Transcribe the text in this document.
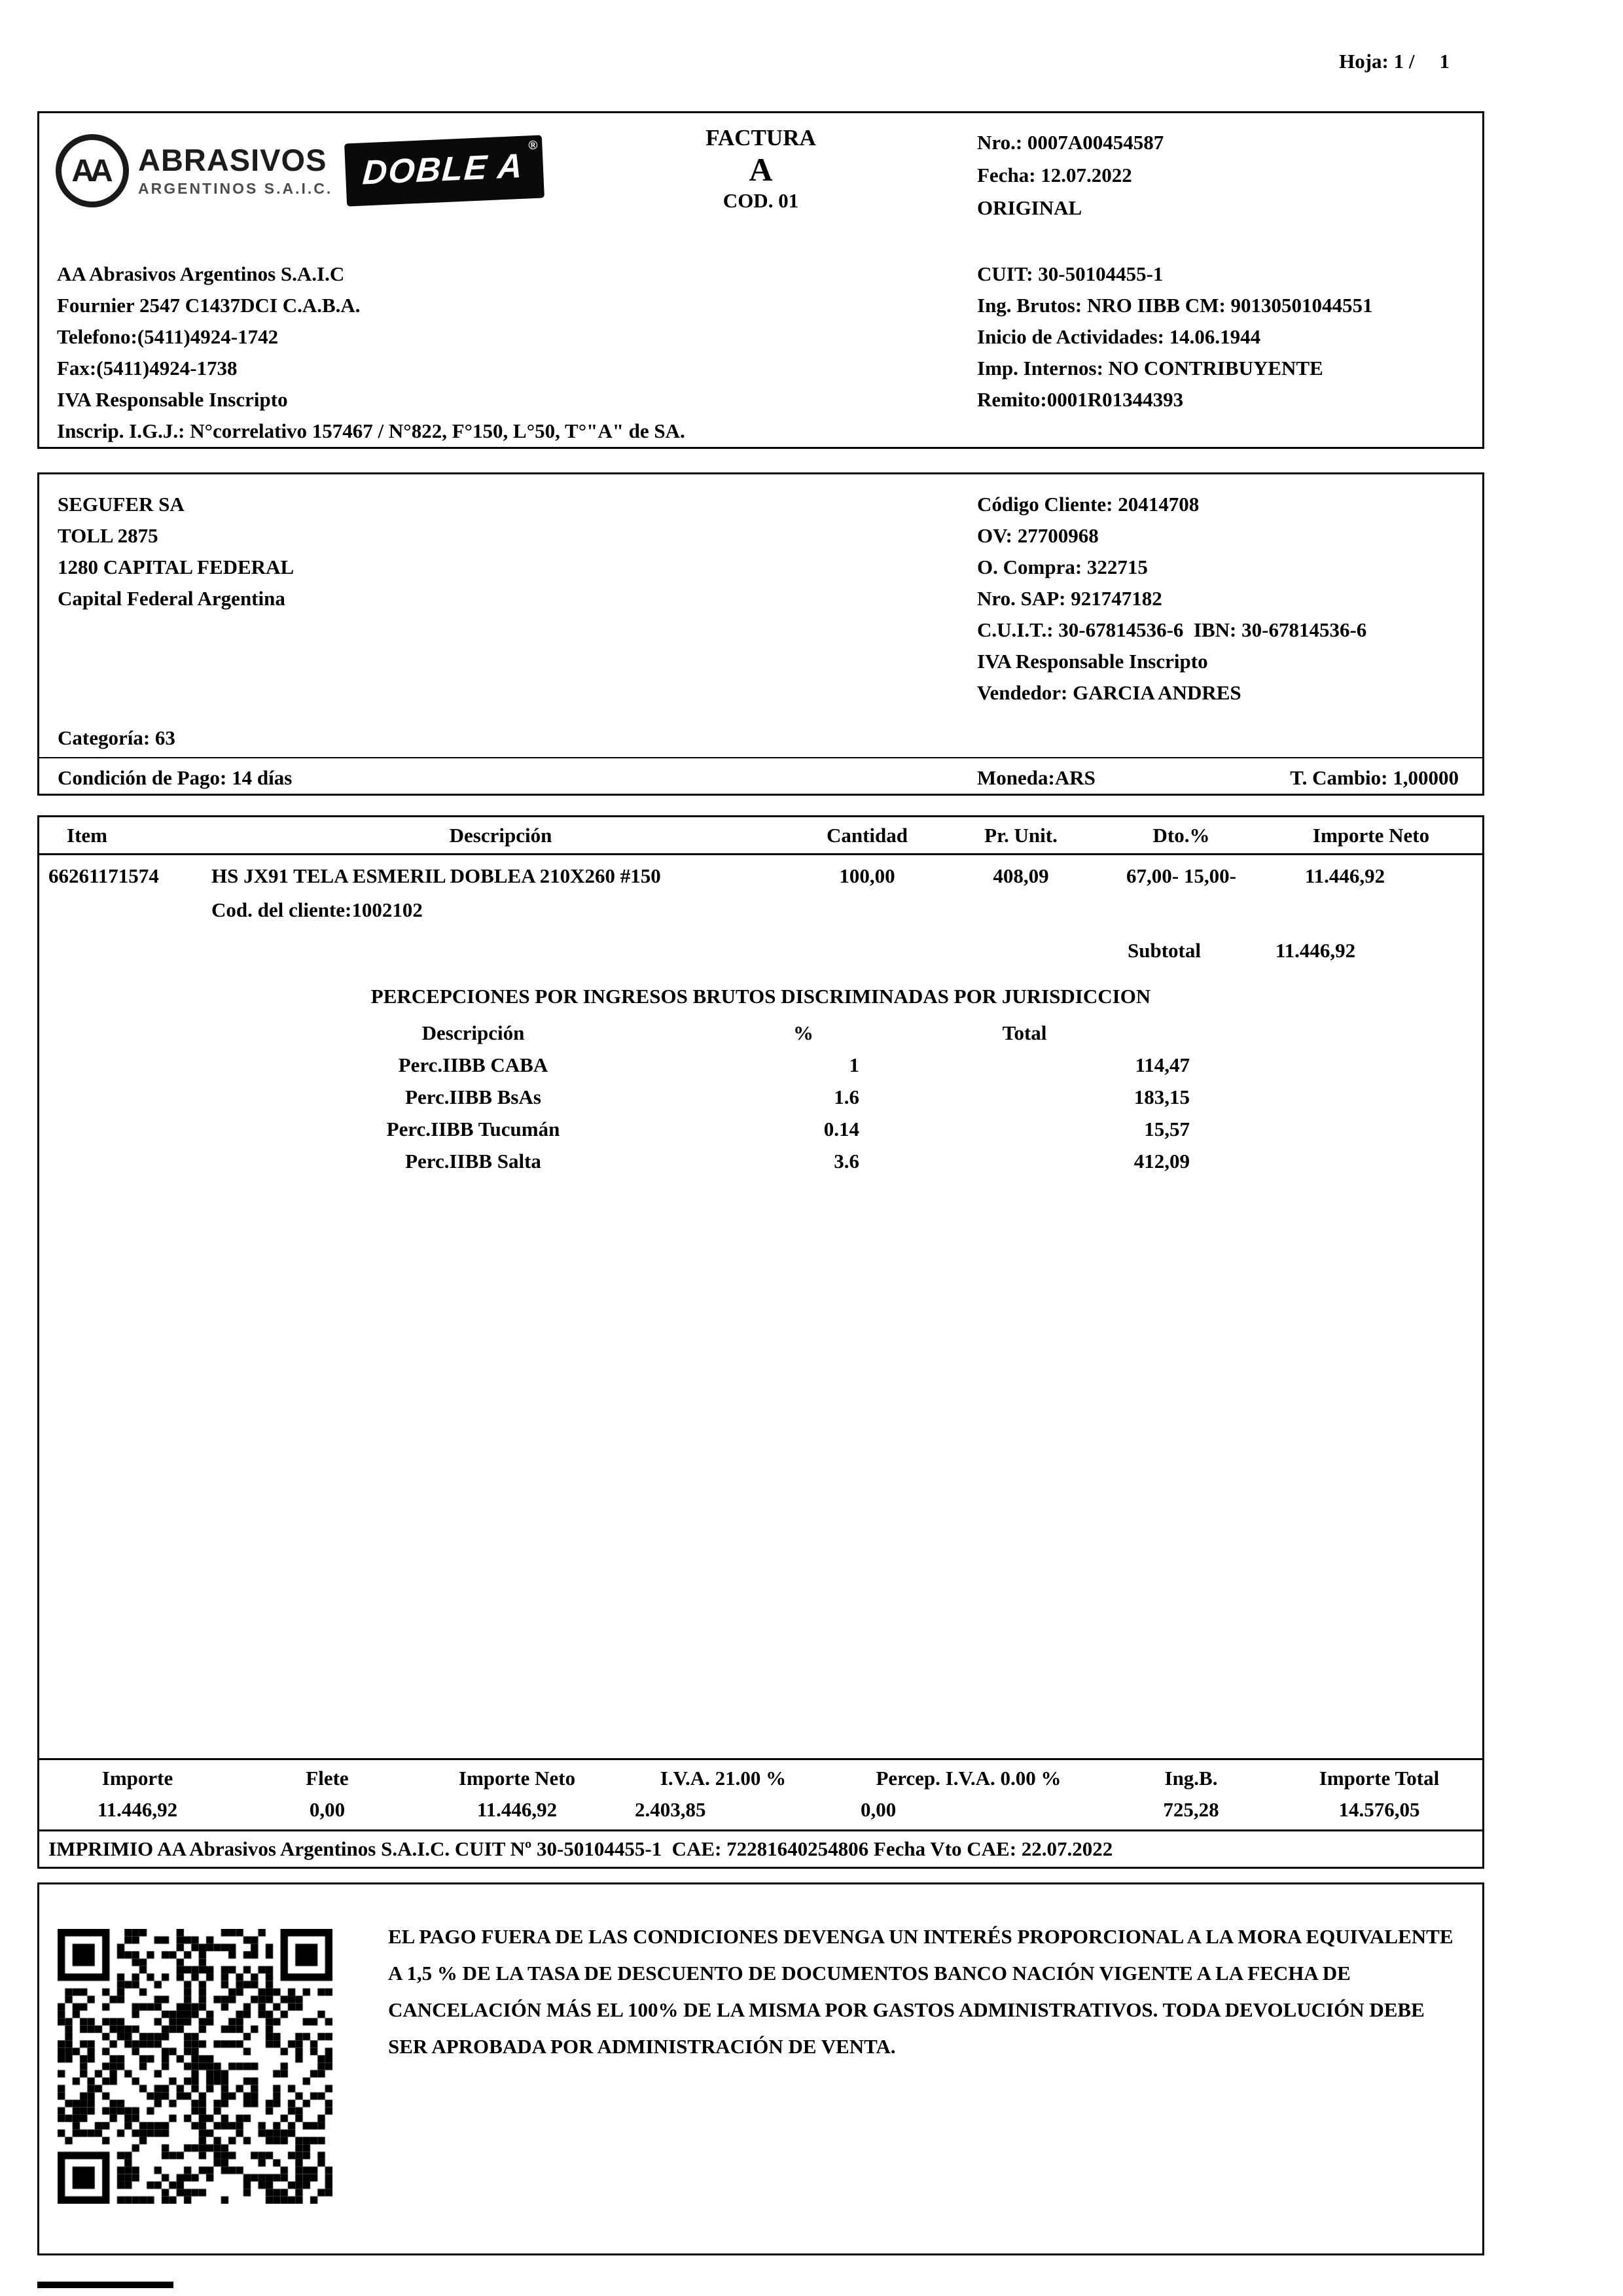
Hoja: 1 / 1
AA ABRASIVOS
ARGENTINOS S.A.I.C. DOBLE A
®	FACTURA
A
COD. 01
Nro.: 0007A00454587
Fecha: 12.07.2022
ORIGINAL
AA Abrasivos Argentinos S.A.I.C
Fournier 2547 C1437DCI C.A.B.A.
Telefono:(5411)4924-1742
Fax:(5411)4924-1738
IVA Responsable Inscripto
Inscrip. I.G.J.: N°correlativo 157467 / N°822, F°150, L°50, T°"A" de SA.
CUIT: 30-50104455-1
Ing. Brutos: NRO IIBB CM: 90130501044551
Inicio de Actividades: 14.06.1944
Imp. Internos: NO CONTRIBUYENTE
Remito:0001R01344393
SEGUFER SA
TOLL 2875
1280 CAPITAL FEDERAL
Capital Federal Argentina
Código Cliente: 20414708
OV: 27700968
O. Compra: 322715
Nro. SAP: 921747182
C.U.I.T.: 30-67814536-6  IBN: 30-67814536-6
IVA Responsable Inscripto
Vendedor: GARCIA ANDRES
Categoría: 63
Condición de Pago: 14 días	Moneda:ARS	T. Cambio: 1,00000
Item	Descripción	Cantidad	Pr. Unit.	Dto.%	Importe Neto
66261171574	HS JX91 TELA ESMERIL DOBLEA 210X260 #150	100,00	408,09	67,00- 15,00-	11.446,92
Cod. del cliente:1002102
Subtotal	11.446,92
PERCEPCIONES POR INGRESOS BRUTOS DISCRIMINADAS POR JURISDICCION
Descripción	%	Total
Perc.IIBB CABA	1	114,47
Perc.IIBB BsAs	1.6	183,15
Perc.IIBB Tucumán	0.14	15,57
Perc.IIBB Salta	3.6	412,09
Importe	Flete	Importe Neto	I.V.A. 21.00 %	Percep. I.V.A. 0.00 %	Ing.B.	Importe Total
11.446,92	0,00	11.446,92	2.403,85	0,00	725,28	14.576,05
IMPRIMIO AA Abrasivos Argentinos S.A.I.C. CUIT Nº 30-50104455-1  CAE: 72281640254806 Fecha Vto CAE: 22.07.2022
EL PAGO FUERA DE LAS CONDICIONES DEVENGA UN INTERÉS PROPORCIONAL A LA MORA EQUIVALENTE A 1,5 % DE LA TASA DE DESCUENTO DE DOCUMENTOS BANCO NACIÓN VIGENTE A LA FECHA DE CANCELACIÓN MÁS EL 100% DE LA MISMA POR GASTOS ADMINISTRATIVOS. TODA DEVOLUCIÓN DEBE SER APROBADA POR ADMINISTRACIÓN DE VENTA.
